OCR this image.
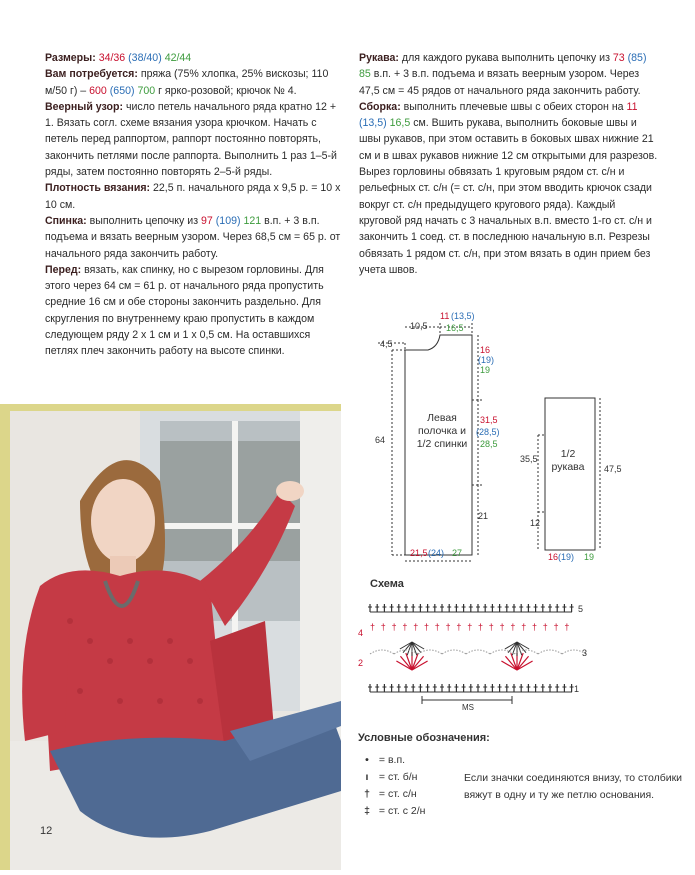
Размеры: 34/36 (38/40) 42/44

Вам потребуется: пряжа (75% хлопка, 25% вискозы; 110 м/50 г) – 600 (650) 700 г ярко-розовой; крючок № 4.

Веерный узор: число петель начального ряда кратно 12 + 1. Вязать согл. схеме вязания узора крючком. Начать с петель перед раппортом, раппорт постоянно повторять, закончить петлями после раппорта. Выполнить 1 раз 1–5-й ряды, затем постоянно повторять 2–5-й ряды.

Плотность вязания: 22,5 п. начального ряда x 9,5 р. = 10 x 10 см.

Спинка: выполнить цепочку из 97 (109) 121 в.п. + 3 в.п. подъема и вязать веерным узором. Через 68,5 см = 65 р. от начального ряда закончить работу.

Перед: вязать, как спинку, но с вырезом горловины. Для этого через 64 см = 61 р. от начального ряда пропустить средние 16 см и обе стороны закончить раздельно. Для скругления по внутреннему краю пропустить в каждом следующем ряду 2 x 1 см и 1 x 0,5 см. На оставшихся петлях плеч закончить работу на высоте спинки.

Рукава: для каждого рукава выполнить цепочку из 73 (85) 85 в.п. + 3 в.п. подъема и вязать веерным узором. Через 47,5 см = 45 рядов от начального ряда закончить работу.

Сборка: выполнить плечевые швы с обеих сторон на 11 (13,5) 16,5 см. Вшить рукава, выполнить боковые швы и швы рукавов, при этом оставить в боковых швах нижние 21 см и в швах рукавов нижние 12 см открытыми для разрезов. Вырез горловины обвязать 1 круговым рядом ст. с/н и рельефных ст. с/н (= ст. с/н, при этом вводить крючок сзади вокруг ст. с/н предыдущего кругового ряда). Каждый круговой ряд начать с 3 начальных в.п. вместо 1-го ст. с/н и закончить 1 соед. ст. в последнюю начальную в.п. Резрезы обвязать 1 рядом ст. с/н, при этом вязать в один прием без учета швов.

10,5
4,5
11 (13,5)
16,5
64
16
(19)
19
31,5
(28,5)
28,5
21
21,5 (24) 27
Левая полочка и 1/2 спинки
35,5
47,5
12
16 (19) 19
1/2 рукава
Схема
† † † † † † † † † † † † † † † † † † †
5
4
3
2
1
MS
Условные обозначения:
• = в.п.
ı = ст. б/н
† = ст. с/н
‡ = ст. с 2/н
Если значки соединяются внизу, то столбики вяжут в одну и ту же петлю основания.
12
